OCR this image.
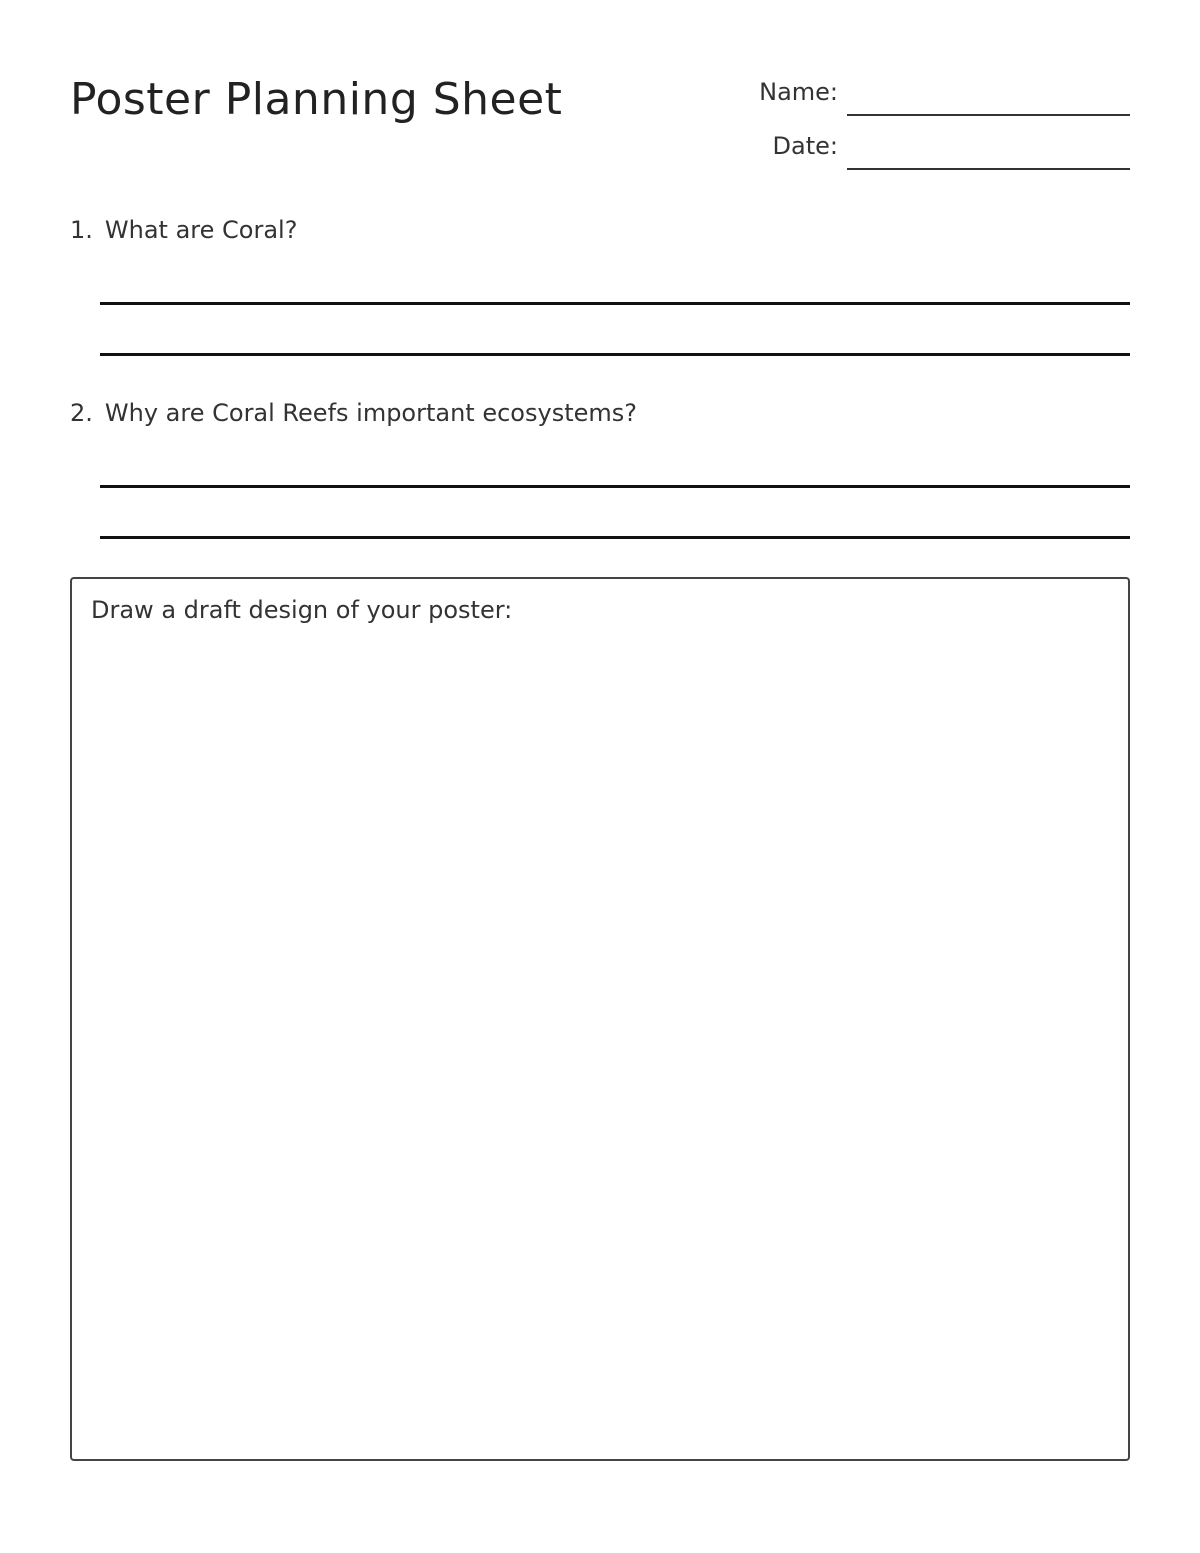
Poster Planning Sheet	Name:
Date:
1. What are Coral?
2. Why are Coral Reefs important ecosystems?
Draw a draft design of your poster:
